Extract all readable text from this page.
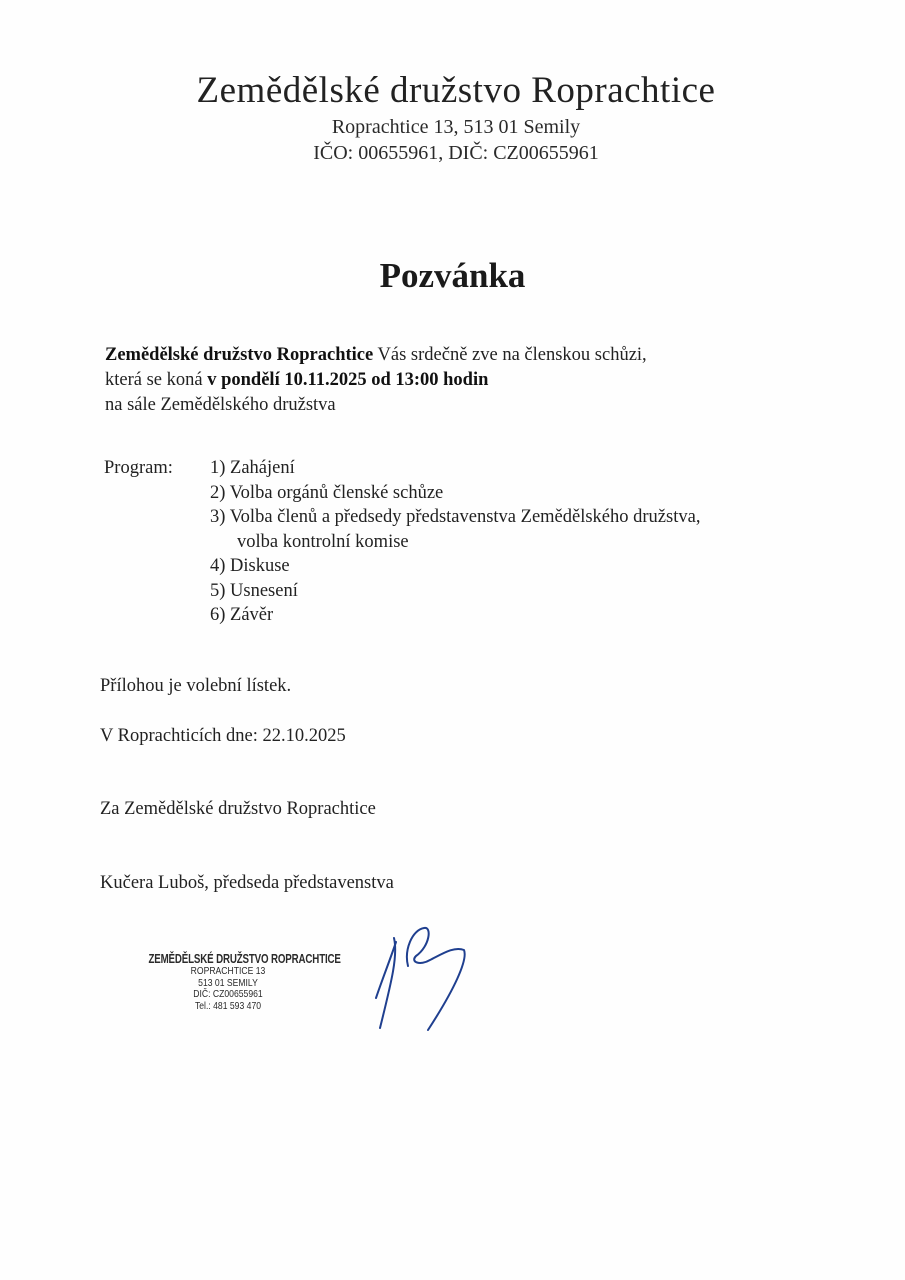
Zemědělské družstvo Roprachtice
Roprachtice 13, 513 01 Semily
IČO: 00655961, DIČ: CZ00655961
Pozvánka
Zemědělské družstvo Roprachtice Vás srdečně zve na členskou schůzi,
která se koná v pondělí 10.11.2025 od 13:00 hodin
na sále Zemědělského družstva
Program: 1) Zahájení
2) Volba orgánů členské schůze
3) Volba členů a předsedy představenstva Zemědělského družstva,
volba kontrolní komise
4) Diskuse
5) Usnesení
6) Závěr
Přílohou je volební lístek.
V Roprachticích dne: 22.10.2025
Za Zemědělské družstvo Roprachtice
Kučera Luboš, předseda představenstva
ZEMĚDĚLSKÉ DRUŽSTVO ROPRACHTICE
ROPRACHTICE 13
513 01 SEMILY
DIČ: CZ00655961
Tel.: 481 593 470
